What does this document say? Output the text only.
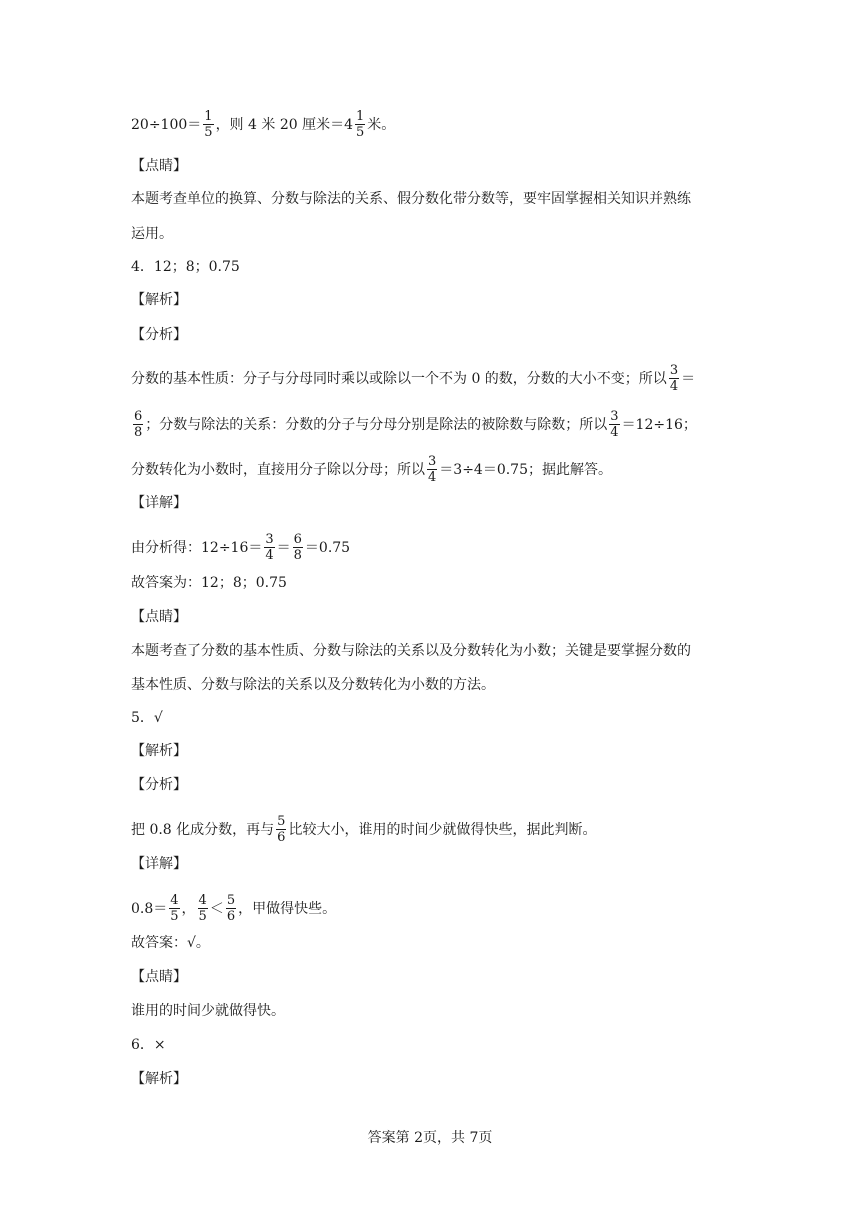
$20\div 100= \frac{1}{5}$ ，则 4 米 20 厘米$=4 \frac{1}{5}$ 米。
【点睛】
本题考查单位的换算、分数与除法的关系、假分数化带分数等，要牢固掌握相关知识并熟练
运用。
4．12；8；0.75
【解析】
【分析】
分数的基本性质：分子与分母同时乘以或除以一个不为 0 的数，分数的大小不变；所以 $\frac{3}{4}$ ＝
$\frac{6}{8}$ ；分数与除法的关系：分数的分子与分母分别是除法的被除数与除数；所以 $\frac{3}{4} =12\div 16$；
分数转化为小数时，直接用分子除以分母；所以 $\frac{3}{4} =3\div 4=0.75$；据此解答。
【详解】
由分析得：$12\div 16= \frac{3}{4} = \frac{6}{8} =0.75$
故答案为：12；8；0.75
【点睛】
本题考查了分数的基本性质、分数与除法的关系以及分数转化为小数；关键是要掌握分数的
基本性质、分数与除法的关系以及分数转化为小数的方法。
5．√
【解析】
【分析】
把 0.8 化成分数，再与 $\frac{5}{6}$ 比较大小，谁用的时间少就做得快些，据此判断。
【详解】
$0.8= \frac{4}{5}$ ， $\frac{4}{5} < \frac{5}{6}$ ，甲做得快些。
故答案：√。
【点睛】
谁用的时间少就做得快。
6．×
【解析】
答案第 2页，共 7页
